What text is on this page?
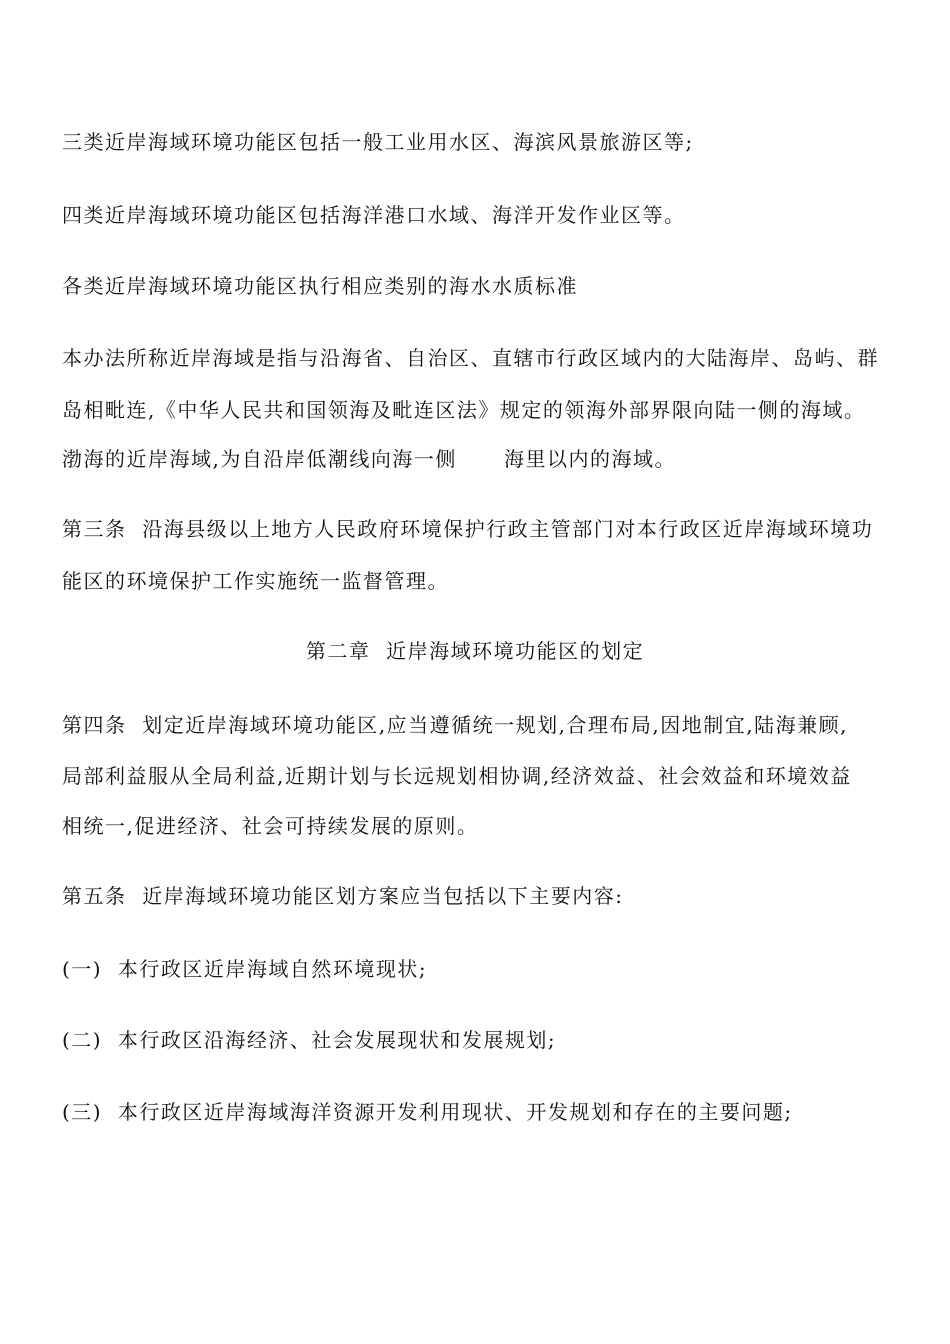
三类近岸海域环境功能区包括一般工业用水区、海滨风景旅游区等;
四类近岸海域环境功能区包括海洋港口水域、海洋开发作业区等。
各类近岸海域环境功能区执行相应类别的海水水质标准
本办法所称近岸海域是指与沿海省、自治区、直辖市行政区域内的大陆海岸、岛屿、群
岛相毗连,《中华人民共和国领海及毗连区法》规定的领海外部界限向陆一侧的海域。
渤海的近岸海域,为自沿岸低潮线向海一侧      海里以内的海域。
第三条  沿海县级以上地方人民政府环境保护行政主管部门对本行政区近岸海域环境功
能区的环境保护工作实施统一监督管理。
第二章  近岸海域环境功能区的划定
第四条  划定近岸海域环境功能区,应当遵循统一规划,合理布局,因地制宜,陆海兼顾,
局部利益服从全局利益,近期计划与长远规划相协调,经济效益、社会效益和环境效益
相统一,促进经济、社会可持续发展的原则。
第五条  近岸海域环境功能区划方案应当包括以下主要内容:
(一)  本行政区近岸海域自然环境现状;
(二)  本行政区沿海经济、社会发展现状和发展规划;
(三)  本行政区近岸海域海洋资源开发利用现状、开发规划和存在的主要问题;
